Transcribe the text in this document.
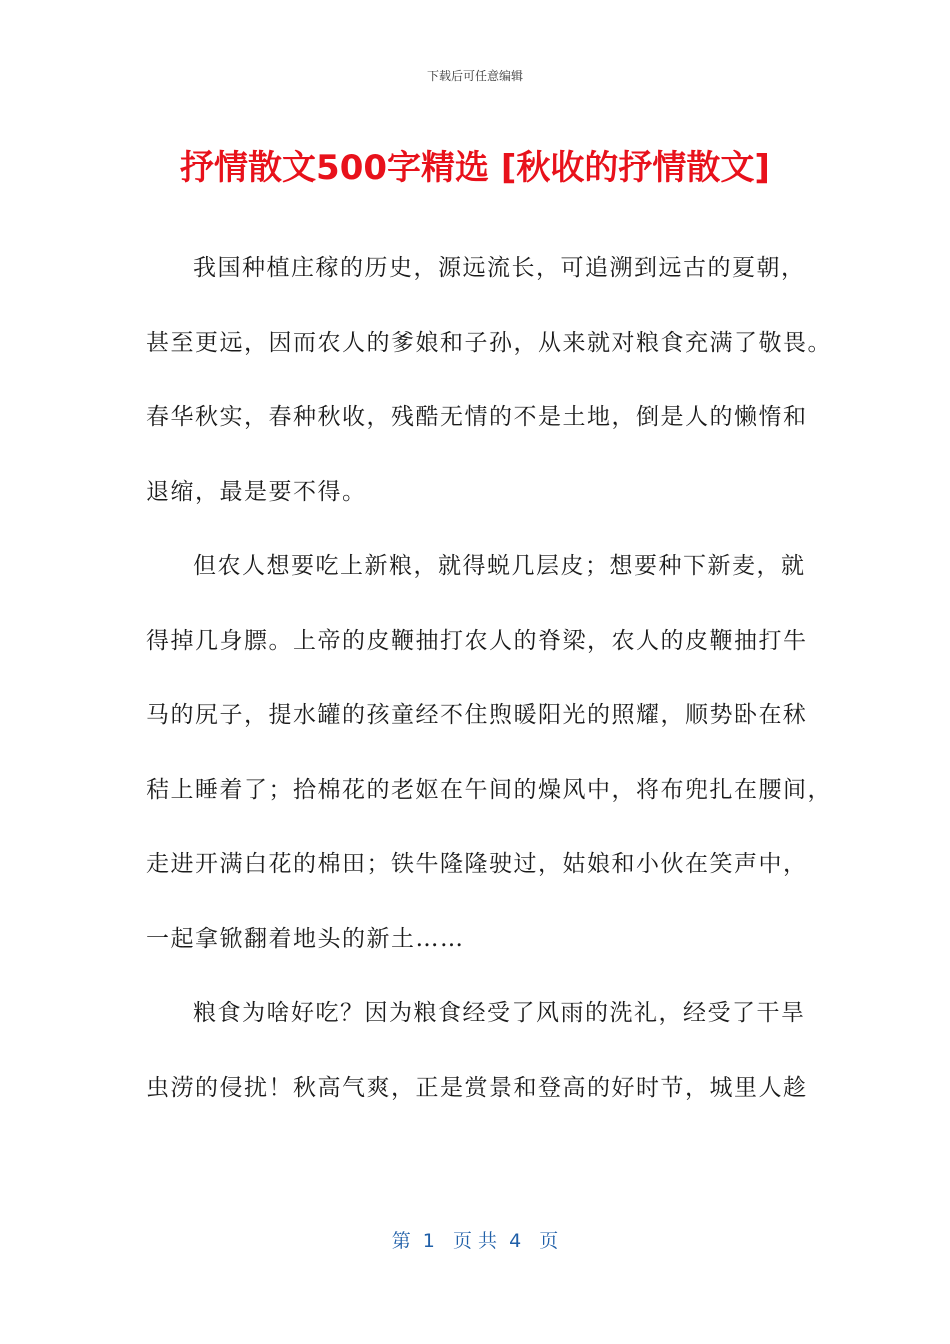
下载后可任意编辑
抒情散文500字精选 [秋收的抒情散文]
我国种植庄稼的历史，源远流长，可追溯到远古的夏朝，
甚至更远，因而农人的爹娘和子孙，从来就对粮食充满了敬畏。
春华秋实，春种秋收，残酷无情的不是土地，倒是人的懒惰和
退缩，最是要不得。
但农人想要吃上新粮，就得蜕几层皮；想要种下新麦，就
得掉几身膘。上帝的皮鞭抽打农人的脊梁，农人的皮鞭抽打牛
马的尻子，提水罐的孩童经不住煦暖阳光的照耀，顺势卧在秫
秸上睡着了；拾棉花的老妪在午间的燥风中，将布兜扎在腰间，
走进开满白花的棉田；铁牛隆隆驶过，姑娘和小伙在笑声中，
一起拿锨翻着地头的新土……
粮食为啥好吃？因为粮食经受了风雨的洗礼，经受了干旱
虫涝的侵扰！秋高气爽，正是赏景和登高的好时节，城里人趁
第  1   页 共  4   页
